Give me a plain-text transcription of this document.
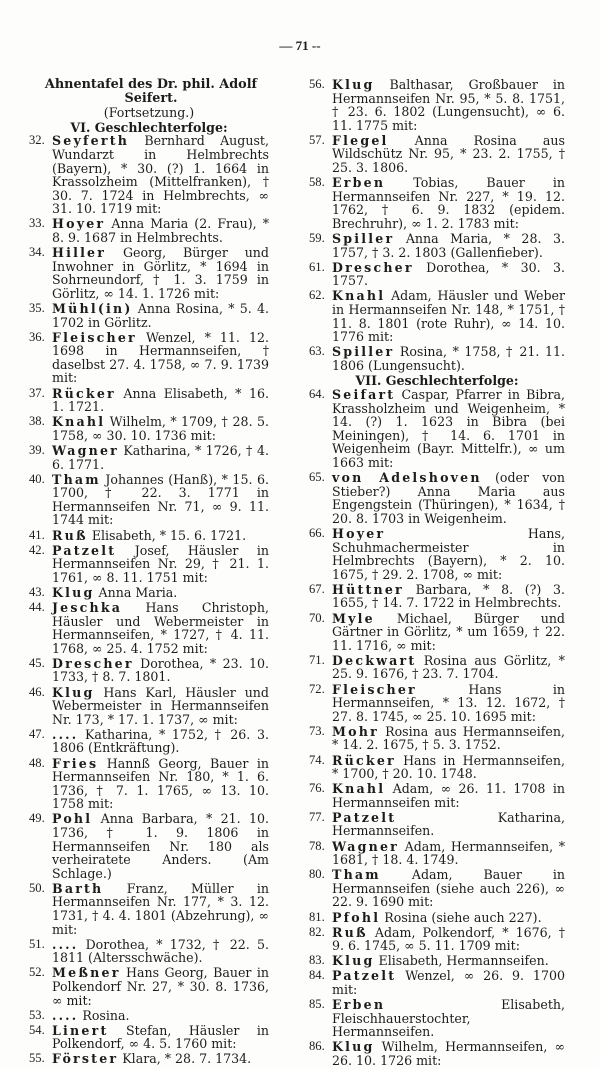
— 71 --
Ahnentafel des Dr. phil. Adolf Seifert.
(Fortsetzung.)
VI. Geschlechterfolge:
32. Seyferth Bernhard August, Wundarzt in Helmbrechts (Bayern), * 30. (?) 1. 1664 in Krassolzheim (Mittelfranken), † 30. 7. 1724 in Helmbrechts, ∞ 31. 10. 1719 mit:
33. Hoyer Anna Maria (2. Frau), * 8. 9. 1687 in Helmbrechts.
34. Hiller Georg, Bürger und Inwohner in Görlitz, * 1694 in Sohrneundorf, † 1. 3. 1759 in Görlitz, ∞ 14. 1. 1726 mit:
35. Mühl(in) Anna Rosina, * 5. 4. 1702 in Görlitz.
36. Fleischer Wenzel, * 11. 12. 1698 in Hermannseifen, † daselbst 27. 4. 1758, ∞ 7. 9. 1739 mit:
37. Rücker Anna Elisabeth, * 16. 1. 1721.
38. Knahl Wilhelm, * 1709, † 28. 5. 1758, ∞ 30. 10. 1736 mit:
39. Wagner Katharina, * 1726, † 4. 6. 1771.
40. Tham Johannes (Hanß), * 15. 6. 1700, † 22. 3. 1771 in Hermannseifen Nr. 71, ∞ 9. 11. 1744 mit:
41. Ruß Elisabeth, * 15. 6. 1721.
42. Patzelt Josef, Häusler in Hermannseifen Nr. 29, † 21. 1. 1761, ∞ 8. 11. 1751 mit:
43. Klug Anna Maria.
44. Jeschka Hans Christoph, Häusler und Webermeister in Hermannseifen, * 1727, † 4. 11. 1768, ∞ 25. 4. 1752 mit:
45. Drescher Dorothea, * 23. 10. 1733, † 8. 7. 1801.
46. Klug Hans Karl, Häusler und Webermeister in Hermannseifen Nr. 173, * 17. 1. 1737, ∞ mit:
47. .... Katharina, * 1752, † 26. 3. 1806 (Entkräftung).
48. Fries Hannß Georg, Bauer in Hermannseifen Nr. 180, * 1. 6. 1736, † 7. 1. 1765, ∞ 13. 10. 1758 mit:
49. Pohl Anna Barbara, * 21. 10. 1736, † 1. 9. 1806 in Hermannseifen Nr. 180 als verheiratete Anders. (Am Schlage.)
50. Barth Franz, Müller in Hermannseifen Nr. 177, * 3. 12. 1731, † 4. 4. 1801 (Abzehrung), ∞ mit:
51. .... Dorothea, * 1732, † 22. 5. 1811 (Altersschwäche).
52. Meßner Hans Georg, Bauer in Polkendorf Nr. 27, * 30. 8. 1736, ∞ mit:
53. .... Rosina.
54. Linert Stefan, Häusler in Polkendorf, ∞ 4. 5. 1760 mit:
55. Förster Klara, * 28. 7. 1734.
56. Klug Balthasar, Großbauer in Hermannseifen Nr. 95, * 5. 8. 1751, † 23. 6. 1802 (Lungensucht), ∞ 6. 11. 1775 mit:
57. Flegel Anna Rosina aus Wildschütz Nr. 95, * 23. 2. 1755, † 25. 3. 1806.
58. Erben Tobias, Bauer in Hermannseifen Nr. 227, * 19. 12. 1762, † 6. 9. 1832 (epidem. Brechruhr), ∞ 1. 2. 1783 mit:
59. Spiller Anna Maria, * 28. 3. 1757, † 3. 2. 1803 (Gallenfieber).
61. Drescher Dorothea, * 30. 3. 1757.
62. Knahl Adam, Häusler und Weber in Hermannseifen Nr. 148, * 1751, † 11. 8. 1801 (rote Ruhr), ∞ 14. 10. 1776 mit:
63. Spiller Rosina, * 1758, † 21. 11. 1806 (Lungensucht).
VII. Geschlechterfolge:
64. Seifart Caspar, Pfarrer in Bibra, Krassholzheim und Weigenheim, * 14. (?) 1. 1623 in Bibra (bei Meiningen), † 14. 6. 1701 in Weigenheim (Bayr. Mittelfr.), ∞ um 1663 mit:
65. von Adelshoven (oder von Stieber?) Anna Maria aus Engengstein (Thüringen), * 1634, † 20. 8. 1703 in Weigenheim.
66. Hoyer	Hans, Schuhmachermeister in Helmbrechts (Bayern), * 2. 10. 1675, † 29. 2. 1708, ∞ mit:
67. Hüttner Barbara, * 8. (?) 3. 1655, † 14. 7. 1722 in Helmbrechts.
70. Myle Michael, Bürger und Gärtner in Görlitz, * um 1659, † 22. 11. 1716, ∞ mit:
71. Deckwart Rosina aus Görlitz, * 25. 9. 1676, † 23. 7. 1704.
72. Fleischer	Hans in Hermannseifen, * 13. 12. 1672, † 27. 8. 1745, ∞ 25. 10. 1695 mit:
73. Mohr Rosina aus Hermannseifen, * 14. 2. 1675, † 5. 3. 1752.
74. Rücker Hans in Hermannseifen, * 1700, † 20. 10. 1748.
76. Knahl Adam, ∞ 26. 11. 1708 in Hermannseifen mit:
77. Patzelt	Katharina, Hermannseifen.
78. Wagner Adam, Hermannseifen, * 1681, † 18. 4. 1749.
80. Tham Adam, Bauer in Hermannseifen (siehe auch 226), ∞ 22. 9. 1690 mit:
81. Pfohl Rosina (siehe auch 227).
82. Ruß Adam, Polkendorf, * 1676, † 9. 6. 1745, ∞ 5. 11. 1709 mit:
83. Klug Elisabeth, Hermannseifen.
84. Patzelt Wenzel, ∞ 26. 9. 1700 mit:
85. Erben	Elisabeth, Fleischhauerstochter, Hermannseifen.
86. Klug Wilhelm, Hermannseifen, ∞ 26. 10. 1726 mit:
